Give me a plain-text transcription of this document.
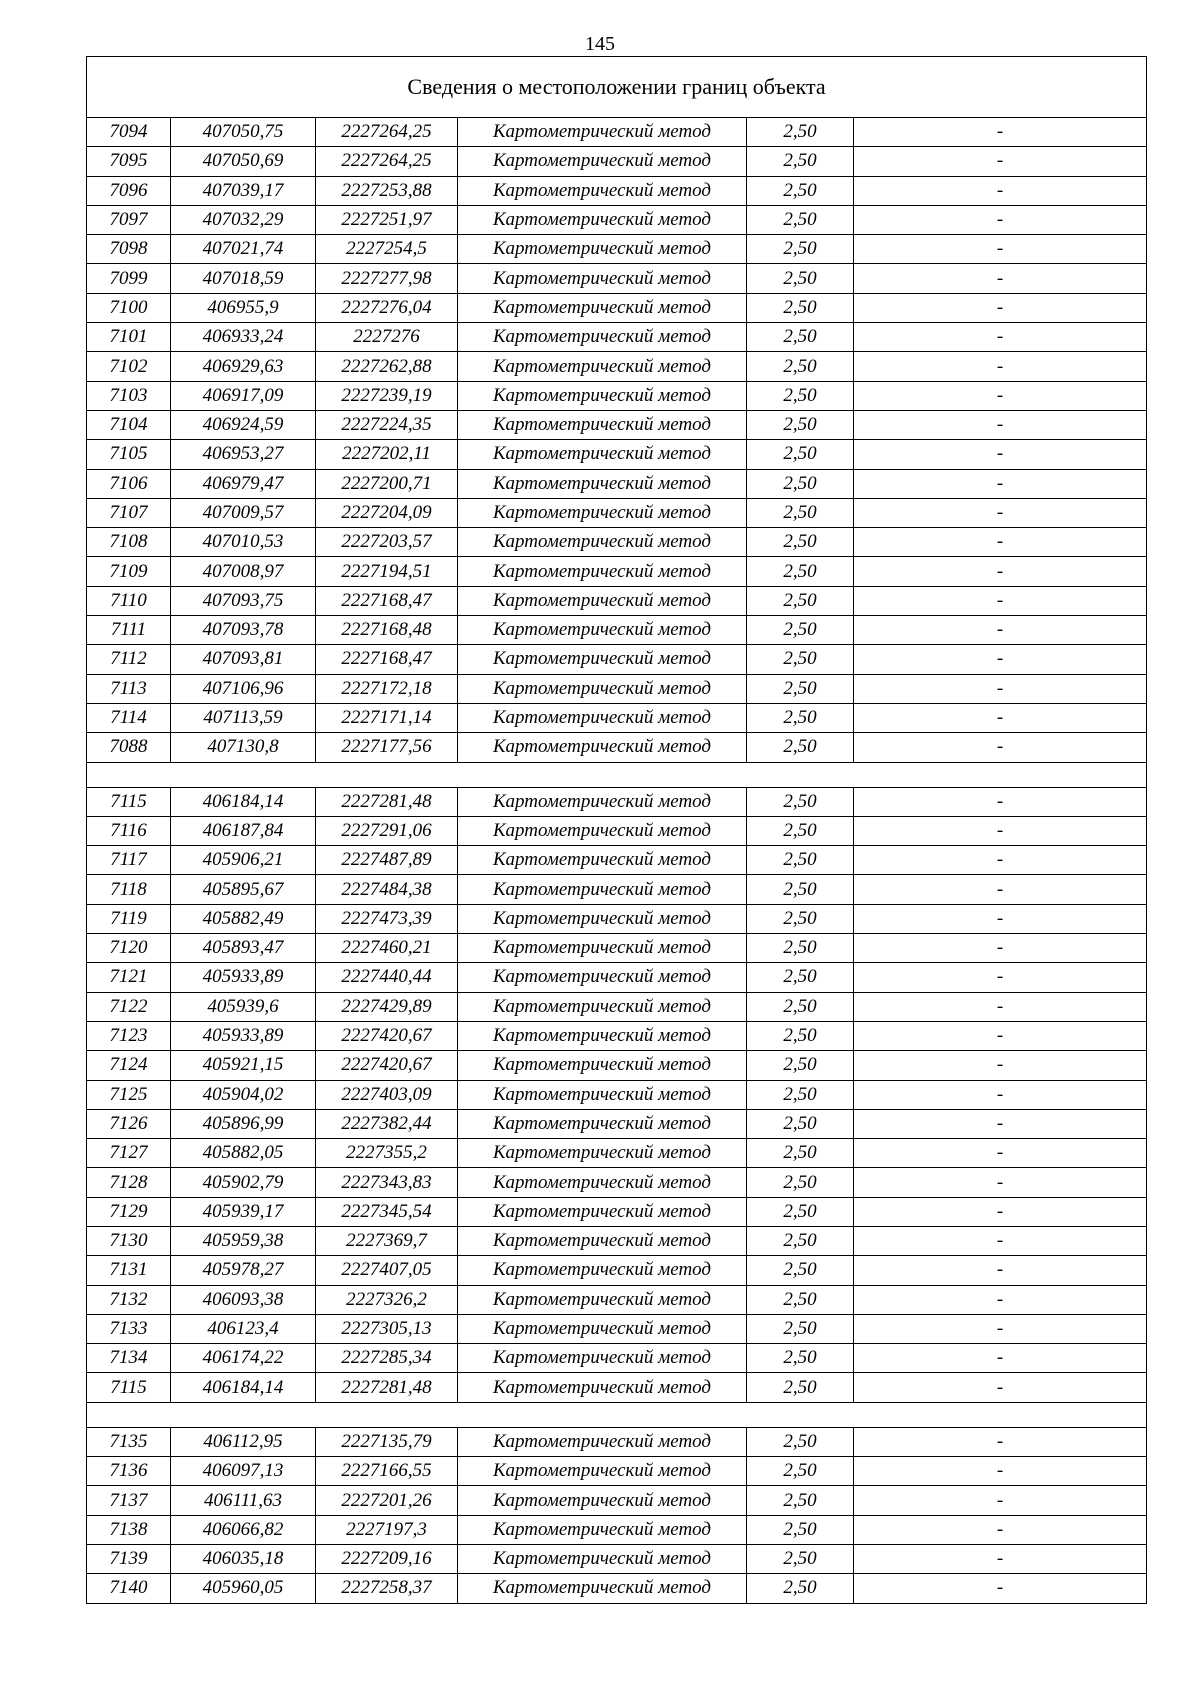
145
Сведения о местоположении границ объекта					
7094	407050,75	2227264,25	Картометрический метод	2,50	-
7095	407050,69	2227264,25	Картометрический метод	2,50	-
7096	407039,17	2227253,88	Картометрический метод	2,50	-
7097	407032,29	2227251,97	Картометрический метод	2,50	-
7098	407021,74	2227254,5	Картометрический метод	2,50	-
7099	407018,59	2227277,98	Картометрический метод	2,50	-
7100	406955,9	2227276,04	Картометрический метод	2,50	-
7101	406933,24	2227276	Картометрический метод	2,50	-
7102	406929,63	2227262,88	Картометрический метод	2,50	-
7103	406917,09	2227239,19	Картометрический метод	2,50	-
7104	406924,59	2227224,35	Картометрический метод	2,50	-
7105	406953,27	2227202,11	Картометрический метод	2,50	-
7106	406979,47	2227200,71	Картометрический метод	2,50	-
7107	407009,57	2227204,09	Картометрический метод	2,50	-
7108	407010,53	2227203,57	Картометрический метод	2,50	-
7109	407008,97	2227194,51	Картометрический метод	2,50	-
7110	407093,75	2227168,47	Картометрический метод	2,50	-
7111	407093,78	2227168,48	Картометрический метод	2,50	-
7112	407093,81	2227168,47	Картометрический метод	2,50	-
7113	407106,96	2227172,18	Картометрический метод	2,50	-
7114	407113,59	2227171,14	Картометрический метод	2,50	-
7088	407130,8	2227177,56	Картометрический метод	2,50	-

7115	406184,14	2227281,48	Картометрический метод	2,50	-
7116	406187,84	2227291,06	Картометрический метод	2,50	-
7117	405906,21	2227487,89	Картометрический метод	2,50	-
7118	405895,67	2227484,38	Картометрический метод	2,50	-
7119	405882,49	2227473,39	Картометрический метод	2,50	-
7120	405893,47	2227460,21	Картометрический метод	2,50	-
7121	405933,89	2227440,44	Картометрический метод	2,50	-
7122	405939,6	2227429,89	Картометрический метод	2,50	-
7123	405933,89	2227420,67	Картометрический метод	2,50	-
7124	405921,15	2227420,67	Картометрический метод	2,50	-
7125	405904,02	2227403,09	Картометрический метод	2,50	-
7126	405896,99	2227382,44	Картометрический метод	2,50	-
7127	405882,05	2227355,2	Картометрический метод	2,50	-
7128	405902,79	2227343,83	Картометрический метод	2,50	-
7129	405939,17	2227345,54	Картометрический метод	2,50	-
7130	405959,38	2227369,7	Картометрический метод	2,50	-
7131	405978,27	2227407,05	Картометрический метод	2,50	-
7132	406093,38	2227326,2	Картометрический метод	2,50	-
7133	406123,4	2227305,13	Картометрический метод	2,50	-
7134	406174,22	2227285,34	Картометрический метод	2,50	-
7115	406184,14	2227281,48	Картометрический метод	2,50	-

7135	406112,95	2227135,79	Картометрический метод	2,50	-
7136	406097,13	2227166,55	Картометрический метод	2,50	-
7137	406111,63	2227201,26	Картометрический метод	2,50	-
7138	406066,82	2227197,3	Картометрический метод	2,50	-
7139	406035,18	2227209,16	Картометрический метод	2,50	-
7140	405960,05	2227258,37	Картометрический метод	2,50	-
